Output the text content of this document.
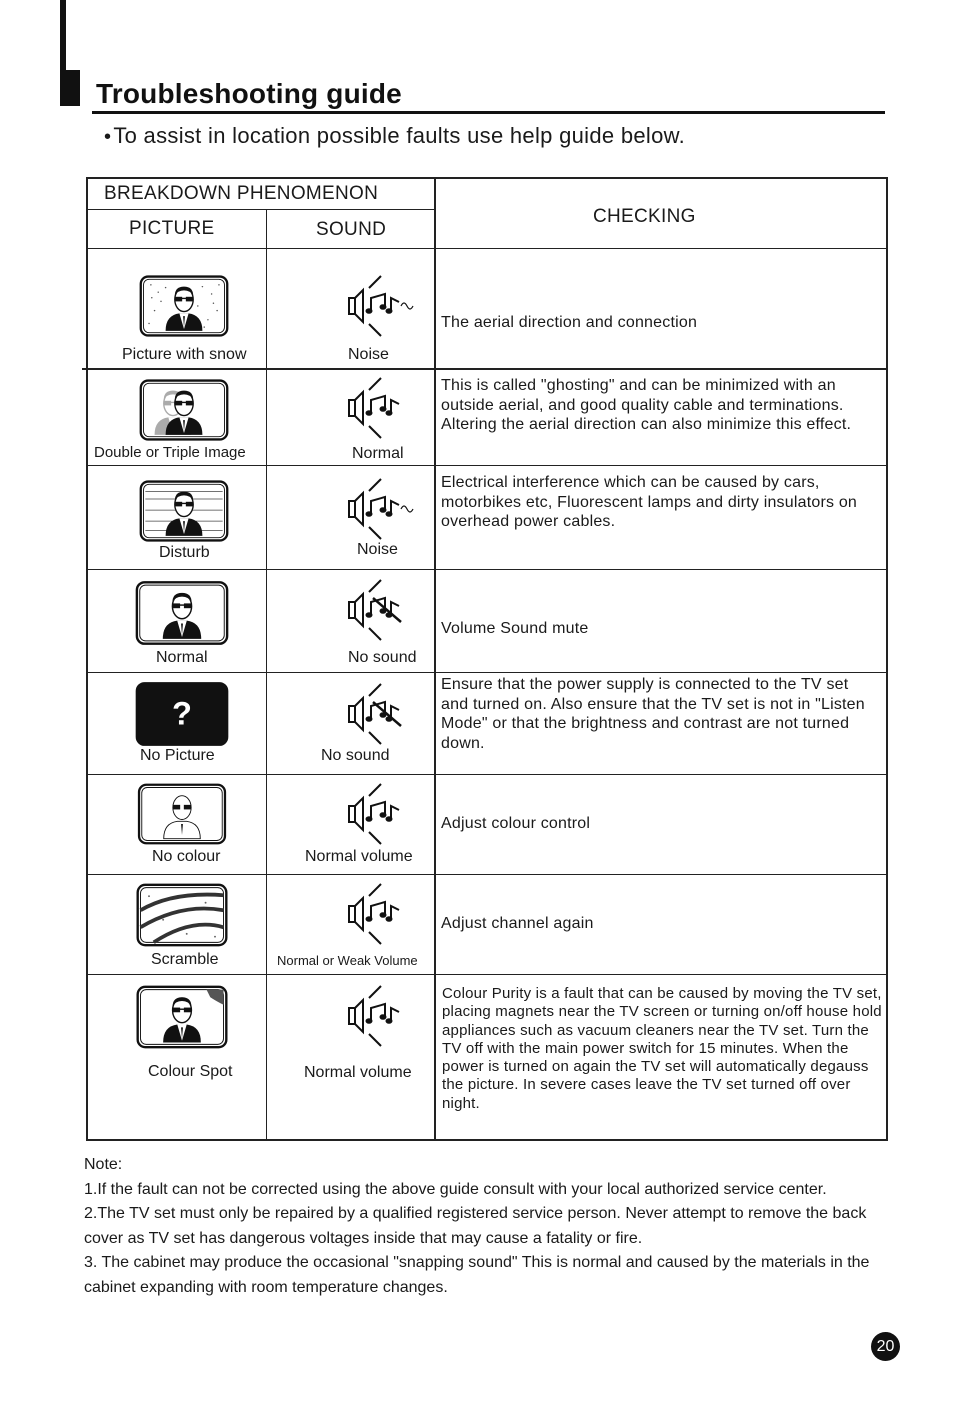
Troubleshooting guide
•To assist in location possible faults use help guide below.
BREAKDOWN PHENOMENON
PICTURE	SOUND
CHECKING
Picture with snow	Noise
The aerial direction and connection
Double or Triple Image	Normal
This is called "ghosting" and can be minimized with an outside aerial, and good quality cable and terminations. Altering the aerial direction can also minimize this effect.
Disturb	Noise
Electrical interference which can be caused by cars, motorbikes etc, Fluorescent lamps and dirty insulators on overhead power cables.
Normal	No sound
Volume Sound mute
?
No Picture	No sound
Ensure that the power supply is connected to the TV set and turned on. Also ensure that the TV set is not in "Listen Mode" or that the brightness and contrast are not turned down.
No colour	Normal volume
Adjust colour control
Scramble	Normal or Weak Volume
Adjust channel again
Colour Spot	Normal volume
Colour Purity is a fault that can be caused by moving the TV set, placing magnets near the TV screen or turning on/off house hold appliances such as vacuum cleaners near the TV set. Turn the TV off with the main power switch for 15 minutes. When the power is turned on again the TV set will automatically degauss the picture. In severe cases leave the TV set turned off over night.

Note:

1.If the fault can not be corrected using the above guide consult with your local authorized service center.

2.The TV set must only be repaired by a qualified registered service person. Never attempt to remove the back cover as TV set has dangerous voltages inside that may cause a fatality or fire.

3. The cabinet may produce the occasional "snapping sound" This is normal and caused by the materials in the cabinet expanding with room temperature changes.

20
